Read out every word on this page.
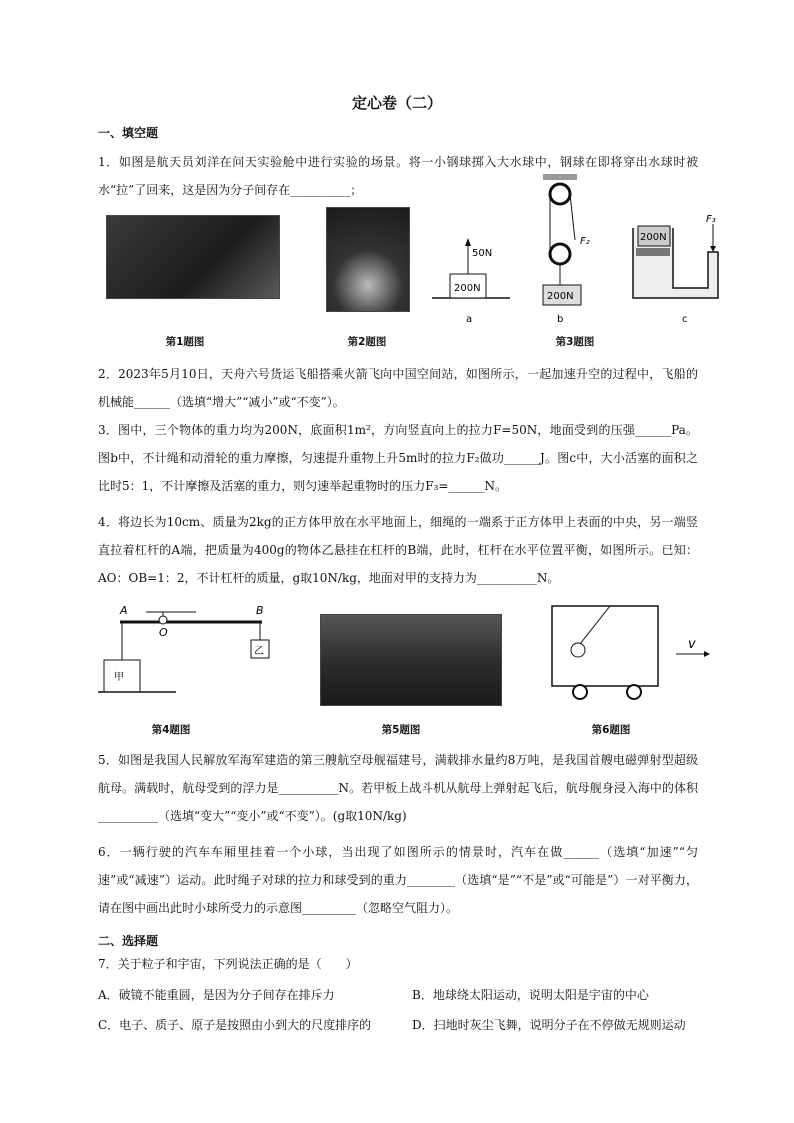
定心卷（二）
一、填空题
1．如图是航天员刘洋在问天实验舱中进行实验的场景。将一小钢球掷入大水球中，钢球在即将穿出水球时被水“拉”了回来，这是因为分子间存在__________；
200N
50N
a
200N
F₂
b
200N
F₃
c
第1题图	第2题图	第3题图
2．2023年5月10日，天舟六号货运飞船搭乘火箭飞向中国空间站，如图所示，一起加速升空的过程中，飞船的机械能______（选填“增大”“减小”或“不变”）。
3．图中，三个物体的重力均为200N，底面积1m²，方向竖直向上的拉力F=50N，地面受到的压强______Pa。图b中，不计绳和动滑轮的重力摩擦，匀速提升重物上升5m时的拉力F₂做功______J。图c中，大小活塞的面积之比时5：1，不计摩擦及活塞的重力，则匀速举起重物时的压力F₃=______N。
4．将边长为10cm、质量为2kg的正方体甲放在水平地面上，细绳的一端系于正方体甲上表面的中央，另一端竖直拉着杠杆的A端，把质量为400g的物体乙悬挂在杠杆的B端，此时，杠杆在水平位置平衡，如图所示。已知：AO：OB=1：2，不计杠杆的质量，g取10N/kg，地面对甲的支持力为__________N。
A
O
B
甲
乙	v
第4题图	第5题图	第6题图
5．如图是我国人民解放军海军建造的第三艘航空母舰福建号，满载排水量约8万吨，是我国首艘电磁弹射型超级航母。满载时，航母受到的浮力是__________N。若甲板上战斗机从航母上弹射起飞后，航母舰身浸入海中的体积__________（选填“变大”“变小”或“不变”）。(g取10N/kg)
6．一辆行驶的汽车车厢里挂着一个小球，当出现了如图所示的情景时，汽车在做______（选填“加速”“匀速”或“减速”）运动。此时绳子对球的拉力和球受到的重力________（选填“是”“不是”或“可能是”）一对平衡力，请在图中画出此时小球所受力的示意图_________（忽略空气阻力）。
二、选择题
7．关于粒子和宇宙，下列说法正确的是（　　）
A．破镜不能重圆，是因为分子间存在排斥力	B．地球绕太阳运动，说明太阳是宇宙的中心
C．电子、质子、原子是按照由小到大的尺度排序的	D．扫地时灰尘飞舞，说明分子在不停做无规则运动
